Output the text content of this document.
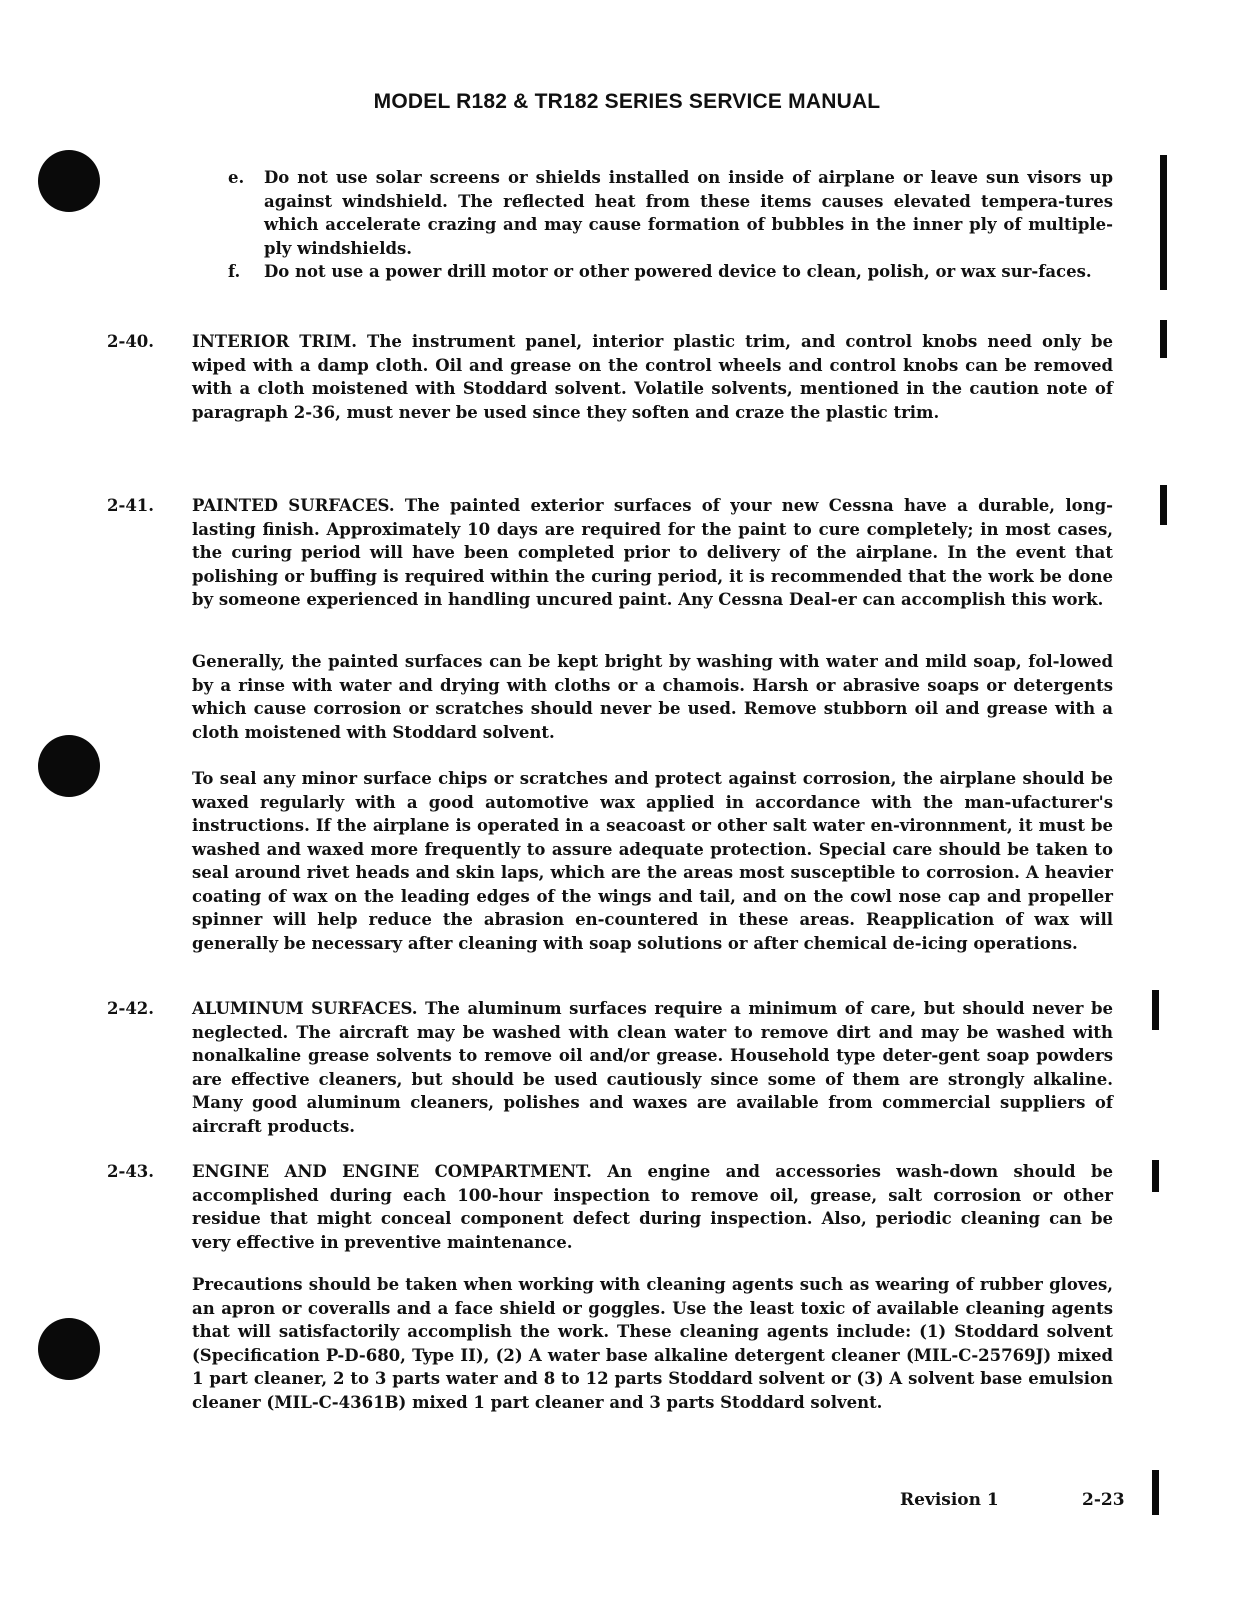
MODEL R182 & TR182 SERIES SERVICE MANUAL
e. Do not use solar screens or shields installed on inside of airplane or leave sun visors up against windshield. The reflected heat from these items causes elevated tempera-tures which accelerate crazing and may cause formation of bubbles in the inner ply of multiple-ply windshields.
f. Do not use a power drill motor or other powered device to clean, polish, or wax sur-faces.
2-40. INTERIOR TRIM. The instrument panel, interior plastic trim, and control knobs need only be wiped with a damp cloth. Oil and grease on the control wheels and control knobs can be removed with a cloth moistened with Stoddard solvent. Volatile solvents, mentioned in the caution note of paragraph 2-36, must never be used since they soften and craze the plastic trim.
2-41. PAINTED SURFACES. The painted exterior surfaces of your new Cessna have a durable, long-lasting finish. Approximately 10 days are required for the paint to cure completely; in most cases, the curing period will have been completed prior to delivery of the airplane. In the event that polishing or buffing is required within the curing period, it is recommended that the work be done by someone experienced in handling uncured paint. Any Cessna Deal-er can accomplish this work.
Generally, the painted surfaces can be kept bright by washing with water and mild soap, fol-lowed by a rinse with water and drying with cloths or a chamois. Harsh or abrasive soaps or detergents which cause corrosion or scratches should never be used. Remove stubborn oil and grease with a cloth moistened with Stoddard solvent.
To seal any minor surface chips or scratches and protect against corrosion, the airplane should be waxed regularly with a good automotive wax applied in accordance with the man-ufacturer's instructions. If the airplane is operated in a seacoast or other salt water en-vironnment, it must be washed and waxed more frequently to assure adequate protection. Special care should be taken to seal around rivet heads and skin laps, which are the areas most susceptible to corrosion. A heavier coating of wax on the leading edges of the wings and tail, and on the cowl nose cap and propeller spinner will help reduce the abrasion en-countered in these areas. Reapplication of wax will generally be necessary after cleaning with soap solutions or after chemical de-icing operations.
2-42. ALUMINUM SURFACES. The aluminum surfaces require a minimum of care, but should never be neglected. The aircraft may be washed with clean water to remove dirt and may be washed with nonalkaline grease solvents to remove oil and/or grease. Household type deter-gent soap powders are effective cleaners, but should be used cautiously since some of them are strongly alkaline. Many good aluminum cleaners, polishes and waxes are available from commercial suppliers of aircraft products.
2-43. ENGINE AND ENGINE COMPARTMENT. An engine and accessories wash-down should be accomplished during each 100-hour inspection to remove oil, grease, salt corrosion or other residue that might conceal component defect during inspection. Also, periodic cleaning can be very effective in preventive maintenance.
Precautions should be taken when working with cleaning agents such as wearing of rubber gloves, an apron or coveralls and a face shield or goggles. Use the least toxic of available cleaning agents that will satisfactorily accomplish the work. These cleaning agents include: (1) Stoddard solvent (Specification P-D-680, Type II), (2) A water base alkaline detergent cleaner (MIL-C-25769J) mixed 1 part cleaner, 2 to 3 parts water and 8 to 12 parts Stoddard solvent or (3) A solvent base emulsion cleaner (MIL-C-4361B) mixed 1 part cleaner and 3 parts Stoddard solvent.
Revision 1	2-23
